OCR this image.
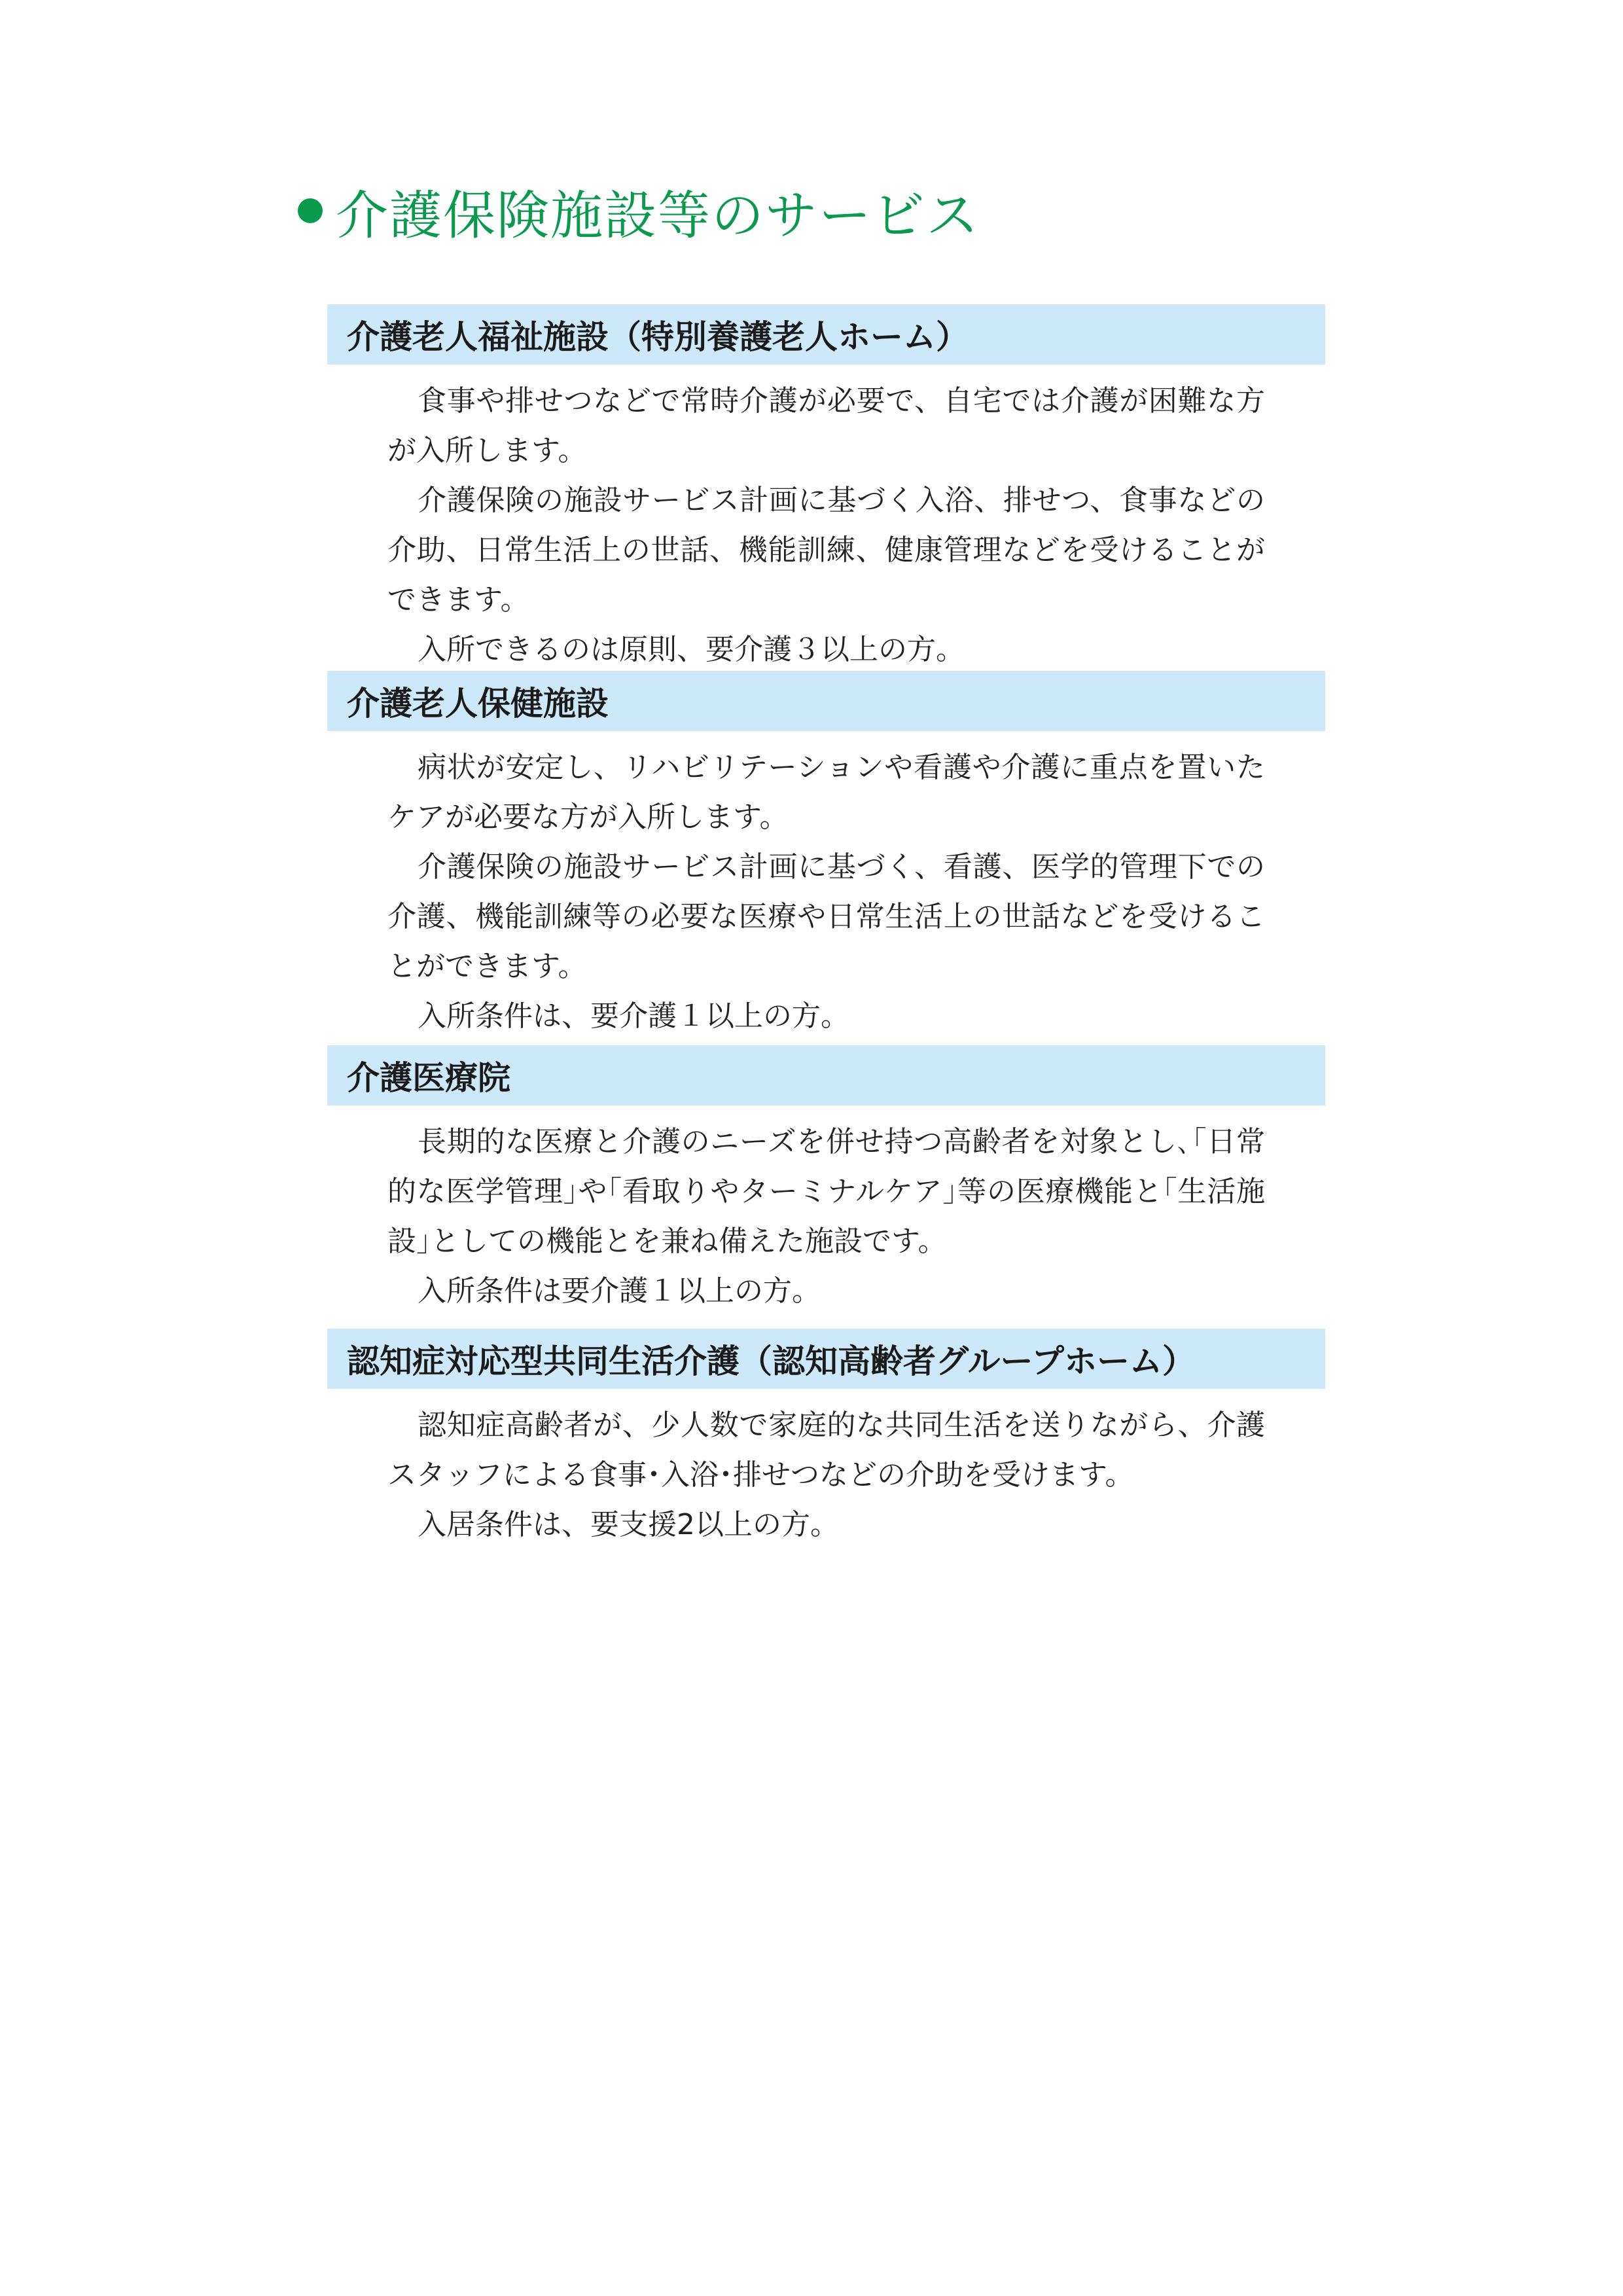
介護保険施設等のサービス
介護老人福祉施設（特別養護老人ホーム）

食事や排せつなどで常時介護が必要で、自宅では介護が困難な方が入所します。

介護保険の施設サービス計画に基づく入浴、排せつ、食事などの介助、日常生活上の世話、機能訓練、健康管理などを受けることができます。

入所できるのは原則、要介護３以上の方。

介護老人保健施設

病状が安定し、リハビリテーションや看護や介護に重点を置いたケアが必要な方が入所します。

介護保険の施設サービス計画に基づく、看護、医学的管理下での介護、機能訓練等の必要な医療や日常生活上の世話などを受けることができます。

入所条件は、要介護１以上の方。

介護医療院

長期的な医療と介護のニーズを併せ持つ高齢者を対象とし､｢日常的な医学管理｣や｢看取りやターミナルケア｣等の医療機能と｢生活施設｣としての機能とを兼ね備えた施設です。

入所条件は要介護１以上の方。

認知症対応型共同生活介護（認知高齢者グループホーム）

認知症高齢者が、少人数で家庭的な共同生活を送りながら、介護スタッフによる食事･入浴･排せつなどの介助を受けます。

入居条件は、要支援2以上の方。
